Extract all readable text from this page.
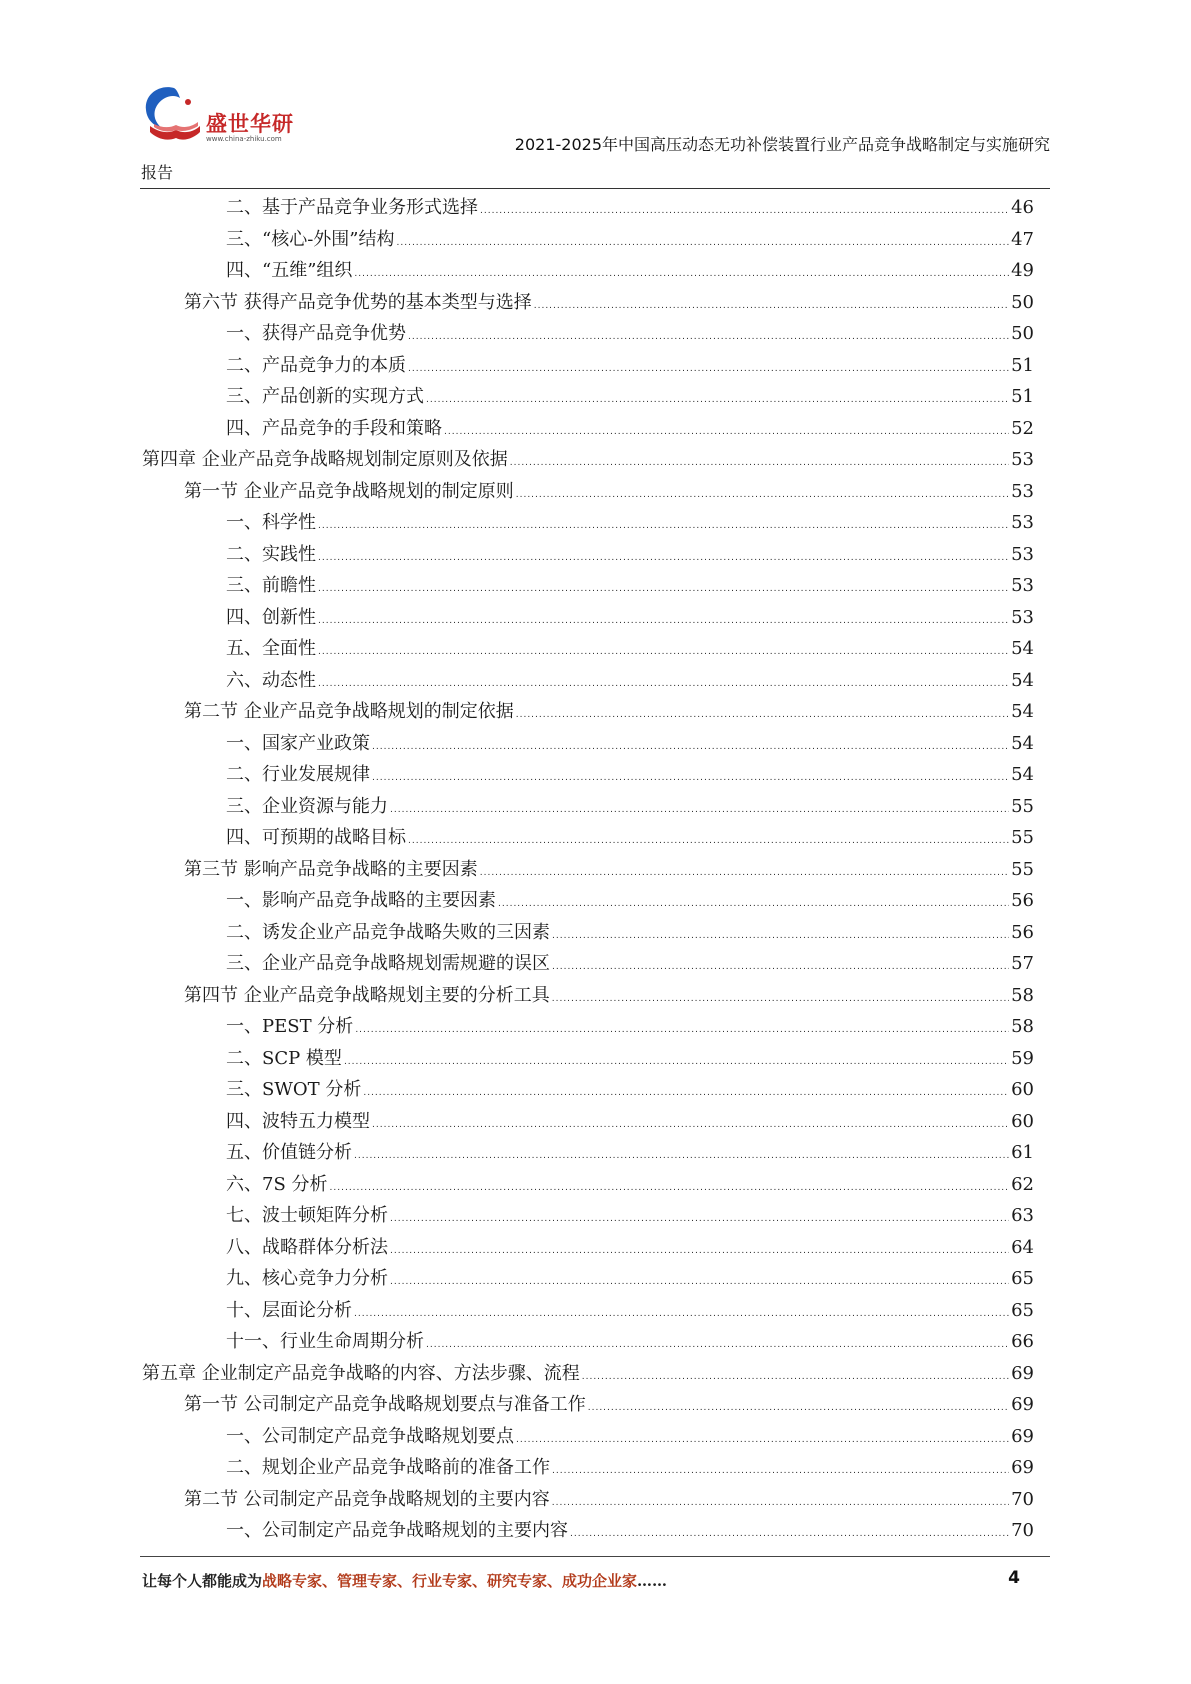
盛世华研
www.china-zhiku.com	2021-2025年中国高压动态无功补偿装置行业产品竞争战略制定与实施研究
报告
二、基于产品竞争业务形式选择 .....	46
三、“核心-外围”结构 .....	47
四、“五维”组织 .....	49
第六节 获得产品竞争优势的基本类型与选择 .....	50
一、获得产品竞争优势 .....	50
二、产品竞争力的本质 .....	51
三、产品创新的实现方式 .....	51
四、产品竞争的手段和策略 .....	52
第四章 企业产品竞争战略规划制定原则及依据 .....	53
第一节 企业产品竞争战略规划的制定原则 .....	53
一、科学性 .....	53
二、实践性 .....	53
三、前瞻性 .....	53
四、创新性 .....	53
五、全面性 .....	54
六、动态性 .....	54
第二节 企业产品竞争战略规划的制定依据 .....	54
一、国家产业政策 .....	54
二、行业发展规律 .....	54
三、企业资源与能力 .....	55
四、可预期的战略目标 .....	55
第三节 影响产品竞争战略的主要因素 .....	55
一、影响产品竞争战略的主要因素 .....	56
二、诱发企业产品竞争战略失败的三因素 .....	56
三、企业产品竞争战略规划需规避的误区 .....	57
第四节 企业产品竞争战略规划主要的分析工具 .....	58
一、PEST 分析 .....	58
二、SCP 模型 .....	59
三、SWOT 分析 .....	60
四、波特五力模型 .....	60
五、价值链分析 .....	61
六、7S 分析 .....	62
七、波士顿矩阵分析 .....	63
八、战略群体分析法 .....	64
九、核心竞争力分析 .....	65
十、层面论分析 .....	65
十一、行业生命周期分析 .....	66
第五章 企业制定产品竞争战略的内容、方法步骤、流程 .....	69
第一节 公司制定产品竞争战略规划要点与准备工作 .....	69
一、公司制定产品竞争战略规划要点 .....	69
二、规划企业产品竞争战略前的准备工作 .....	69
第二节 公司制定产品竞争战略规划的主要内容 .....	70
一、公司制定产品竞争战略规划的主要内容 .....	70
让每个人都能成为战略专家、管理专家、行业专家、研究专家、成功企业家……	4
